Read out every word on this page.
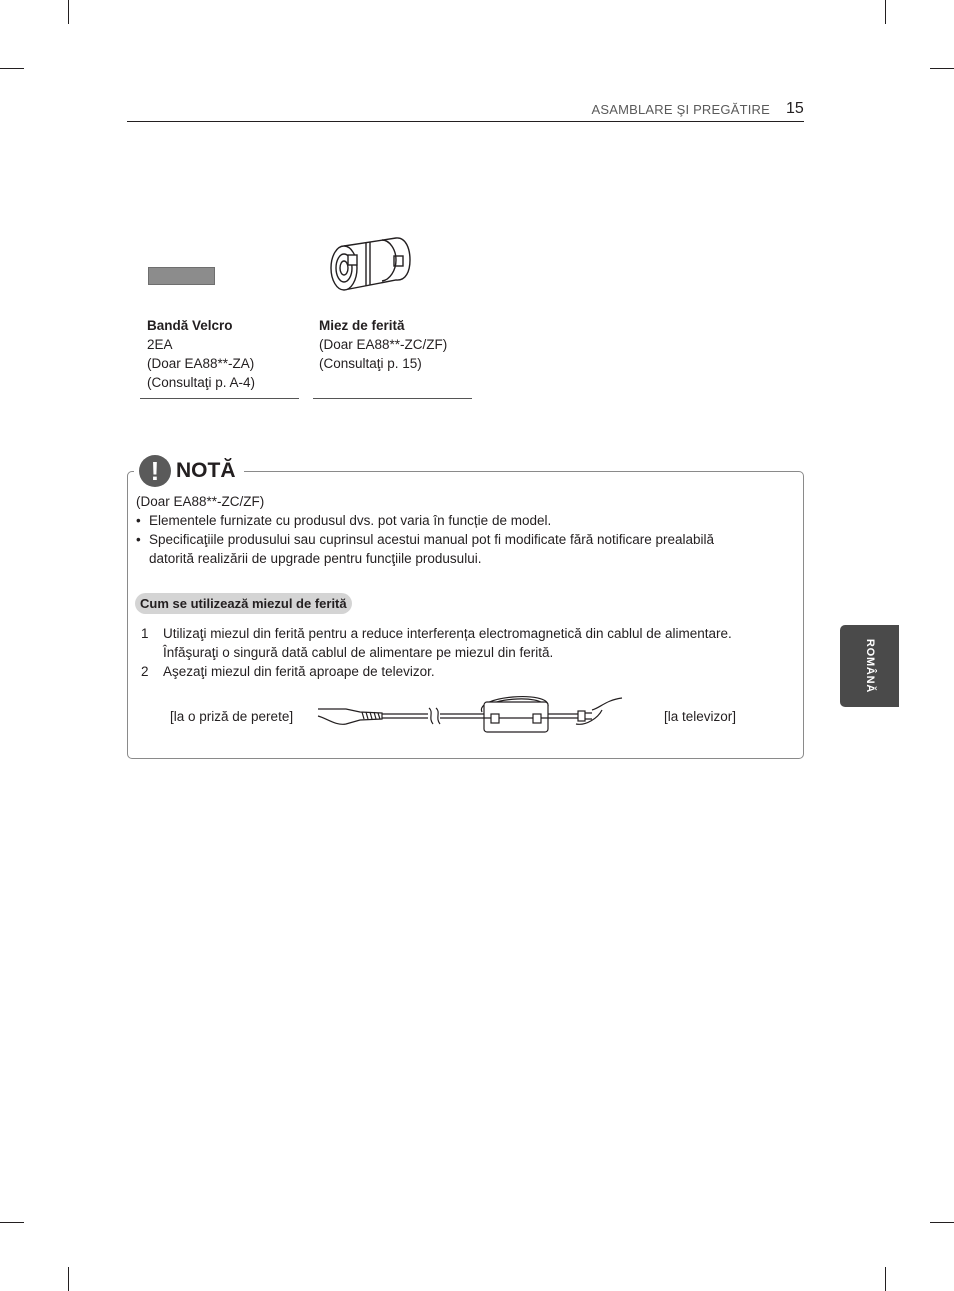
ASAMBLARE ŞI PREGĂTIRE 15
Bandă Velcro
2EA
(Doar EA88**-ZA)
(Consultaţi p. A-4)
Miez de ferită
(Doar EA88**-ZC/ZF)
(Consultaţi p. 15)
! NOTĂ
(Doar EA88**-ZC/ZF)
• Elementele furnizate cu produsul dvs. pot varia în funcție de model.
• Specificaţiile produsului sau cuprinsul acestui manual pot fi modificate fără notificare prealabilă
datorită realizării de upgrade pentru funcţiile produsului.
Cum se utilizează miezul de ferită
1 Utilizaţi miezul din ferită pentru a reduce interferența electromagnetică din cablul de alimentare.
Înfăşuraţi o singură dată cablul de alimentare pe miezul din ferită.
2 Aşezaţi miezul din ferită aproape de televizor.
[la o priză de perete]	[la televizor]
ROMÂNĂ
